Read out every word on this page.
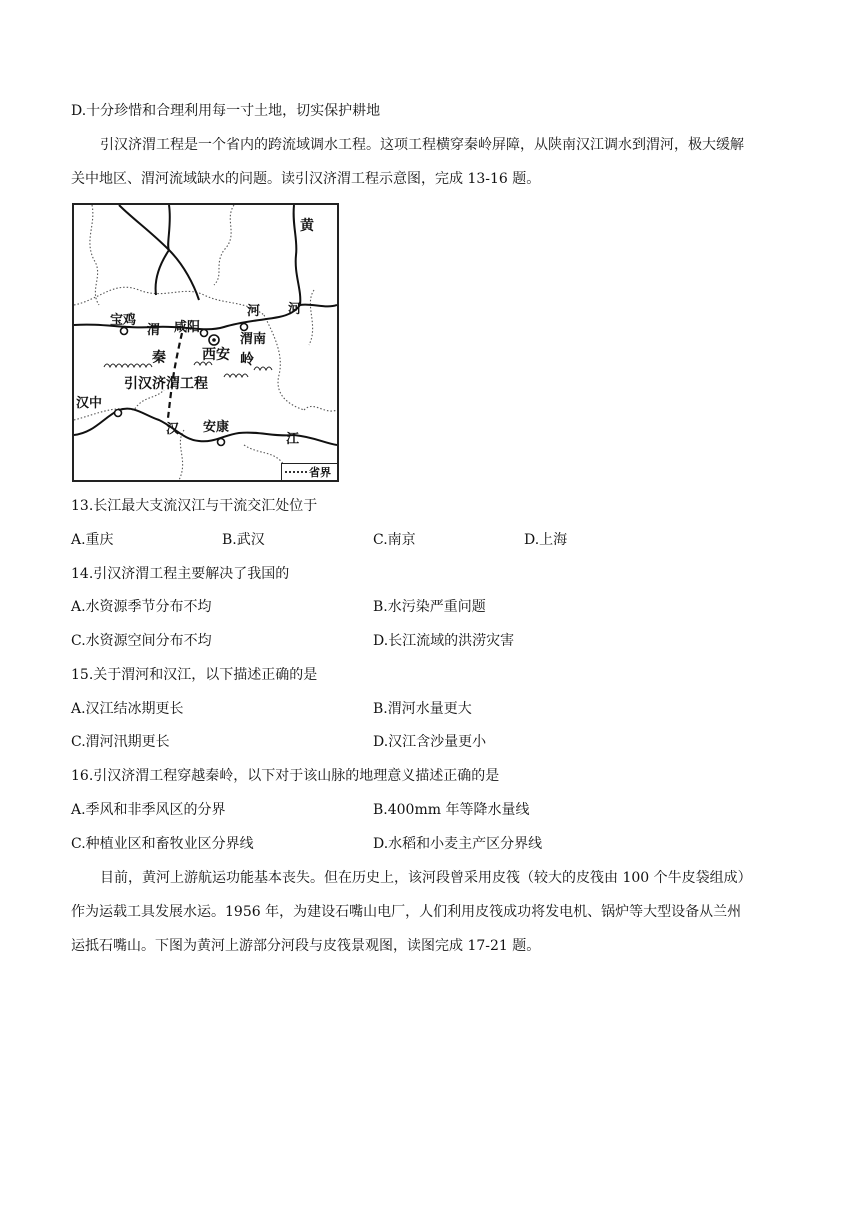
D.十分珍惜和合理利用每一寸土地，切实保护耕地
引汉济渭工程是一个省内的跨流域调水工程。这项工程横穿秦岭屏障，从陕南汉江调水到渭河，极大缓解
关中地区、渭河流域缺水的问题。读引汉济渭工程示意图，完成 13-16 题。
黄
河 河
宝鸡
渭 咸阳
渭南
西安
秦	岭
引汉济渭工程
汉中
汉 安康
江
省界
13.长江最大支流汉江与干流交汇处位于
A.重庆	B.武汉	C.南京	D.上海
14.引汉济渭工程主要解决了我国的
A.水资源季节分布不均	B.水污染严重问题
C.水资源空间分布不均	D.长江流域的洪涝灾害
15.关于渭河和汉江，以下描述正确的是
A.汉江结冰期更长	B.渭河水量更大
C.渭河汛期更长	D.汉江含沙量更小
16.引汉济渭工程穿越秦岭，以下对于该山脉的地理意义描述正确的是
A.季风和非季风区的分界	B.400mm 年等降水量线
C.种植业区和畜牧业区分界线	D.水稻和小麦主产区分界线
目前，黄河上游航运功能基本丧失。但在历史上，该河段曾采用皮筏（较大的皮筏由 100 个牛皮袋组成）
作为运载工具发展水运。1956 年，为建设石嘴山电厂，人们利用皮筏成功将发电机、锅炉等大型设备从兰州
运抵石嘴山。下图为黄河上游部分河段与皮筏景观图，读图完成 17-21 题。
